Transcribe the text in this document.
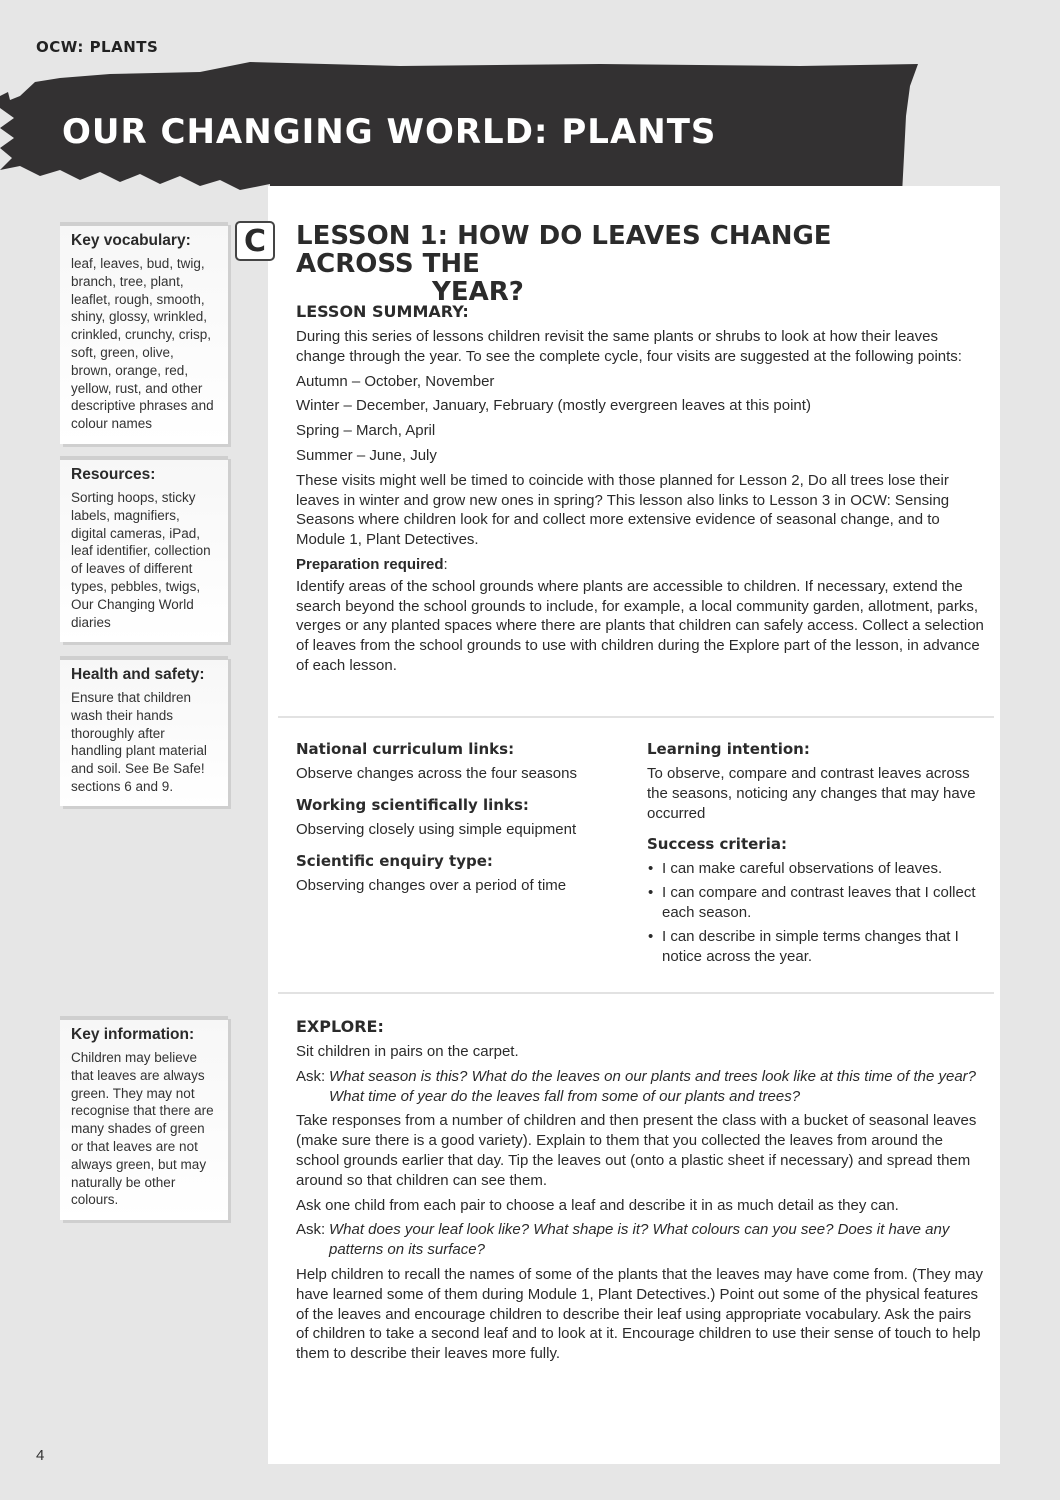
OCW: PLANTS
OUR CHANGING WORLD: PLANTS
Key vocabulary:

leaf, leaves, bud, twig, branch, tree, plant, leaflet, rough, smooth, shiny, glossy, wrinkled, crinkled, crunchy, crisp, soft, green, olive, brown, orange, red, yellow, rust, and other descriptive phrases and colour names

Resources:

Sorting hoops, sticky labels, magnifiers, digital cameras, iPad, leaf identifier, collection of leaves of different types, pebbles, twigs, Our Changing World diaries

Health and safety:

Ensure that children wash their hands thoroughly after handling plant material and soil. See Be Safe! sections 6 and 9.

Key information:

Children may believe that leaves are always green. They may not recognise that there are many shades of green or that leaves are not always green, but may naturally be other colours.

C LESSON 1: HOW DO LEAVES CHANGE ACROSS THE
YEAR?
LESSON SUMMARY:

During this series of lessons children revisit the same plants or shrubs to look at how their leaves change through the year. To see the complete cycle, four visits are suggested at the following points:

Autumn – October, November

Winter – December, January, February (mostly evergreen leaves at this point)

Spring – March, April

Summer – June, July

These visits might well be timed to coincide with those planned for Lesson 2, Do all trees lose their leaves in winter and grow new ones in spring? This lesson also links to Lesson 3 in OCW: Sensing Seasons where children look for and collect more extensive evidence of seasonal change, and to Module 1, Plant Detectives.

Preparation required:

Identify areas of the school grounds where plants are accessible to children. If necessary, extend the search beyond the school grounds to include, for example, a local community garden, allotment, parks, verges or any planted spaces where there are plants that children can safely access. Collect a selection of leaves from the school grounds to use with children during the Explore part of the lesson, in advance of each lesson.

National curriculum links:

Observe changes across the four seasons

Working scientifically links:

Observing closely using simple equipment

Scientific enquiry type:

Observing changes over a period of time

Learning intention:

To observe, compare and contrast leaves across the seasons, noticing any changes that may have occurred

Success criteria:
• I can make careful observations of leaves.
• I can compare and contrast leaves that I collect each season.
• I can describe in simple terms changes that I notice across the year.
EXPLORE:

Sit children in pairs on the carpet.

Ask: What season is this? What do the leaves on our plants and trees look like at this time of the year? What time of year do the leaves fall from some of our plants and trees?

Take responses from a number of children and then present the class with a bucket of seasonal leaves (make sure there is a good variety). Explain to them that you collected the leaves from around the school grounds earlier that day. Tip the leaves out (onto a plastic sheet if necessary) and spread them around so that children can see them.

Ask one child from each pair to choose a leaf and describe it in as much detail as they can.

Ask: What does your leaf look like? What shape is it? What colours can you see? Does it have any patterns on its surface?

Help children to recall the names of some of the plants that the leaves may have come from. (They may have learned some of them during Module 1, Plant Detectives.) Point out some of the physical features of the leaves and encourage children to describe their leaf using appropriate vocabulary. Ask the pairs of children to take a second leaf and to look at it. Encourage children to use their sense of touch to help them to describe their leaves more fully.

4
